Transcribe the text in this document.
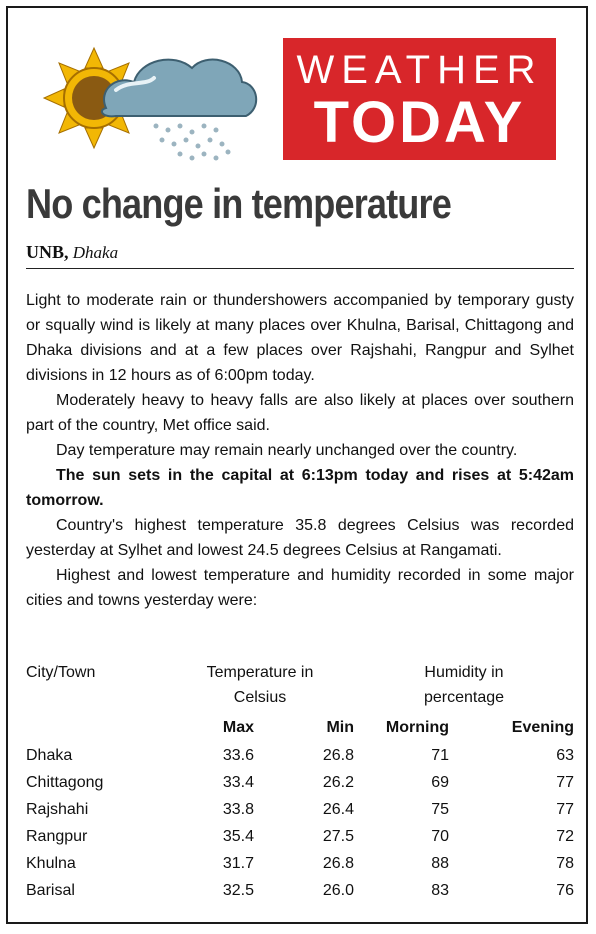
WEATHER
TODAY
No change in temperature
UNB, Dhaka

Light to moderate rain or thundershowers accompanied by temporary gusty or squally wind is likely at many places over Khulna, Barisal, Chittagong and Dhaka divisions and at a few places over Rajshahi, Rangpur and Sylhet divisions in 12 hours as of 6:00pm today.

Moderately heavy to heavy falls are also likely at places over southern part of the country, Met office said.

Day temperature may remain nearly unchanged over the country.

The sun sets in the capital at 6:13pm today and rises at 5:42am tomorrow.

Country's highest temperature 35.8 degrees Celsius was recorded yesterday at Sylhet and lowest 24.5 degrees Celsius at Rangamati.

Highest and lowest temperature and humidity recorded in some major cities and towns yesterday were:

City/Town	Temperature in		Humidity in	
	Celsius		percentage	
	Max	Min	Morning	Evening
Dhaka	33.6	26.8	71	63
Chittagong	33.4	26.2	69	77
Rajshahi	33.8	26.4	75	77
Rangpur	35.4	27.5	70	72
Khulna	31.7	26.8	88	78
Barisal	32.5	26.0	83	76
